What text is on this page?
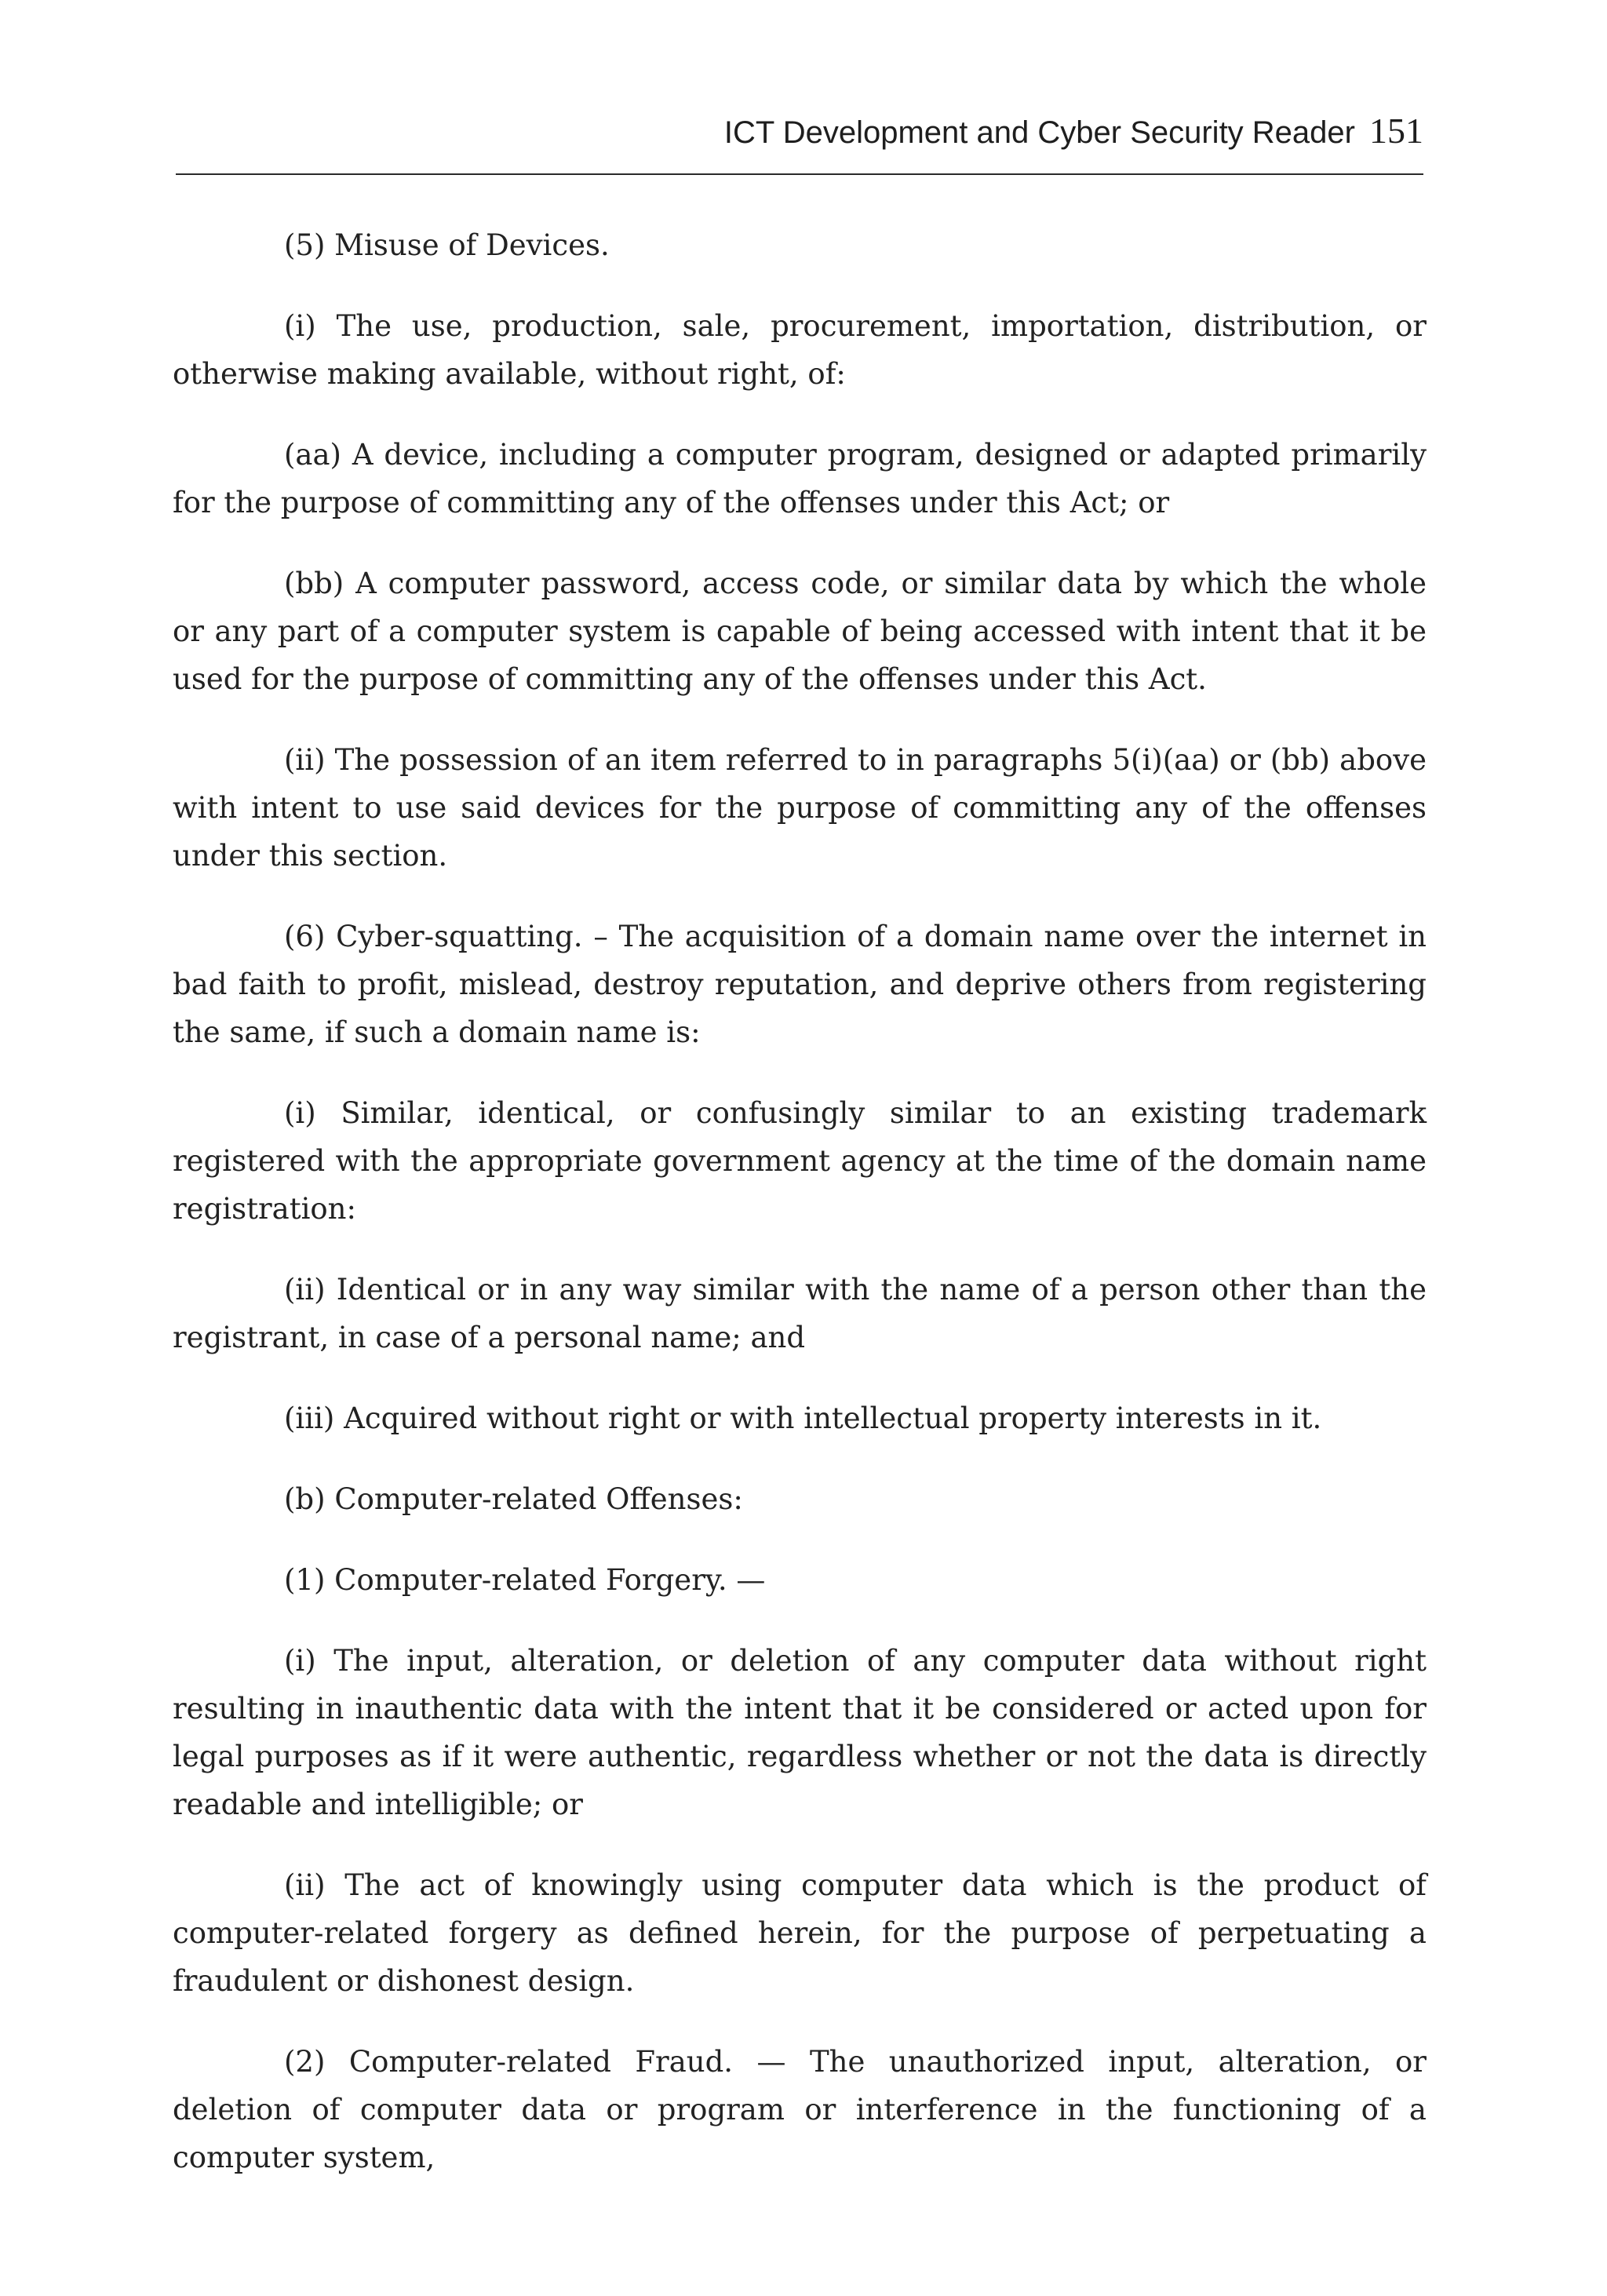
ICT Development and Cyber Security Reader 151

(5) Misuse of Devices.

(i) The use, production, sale, procurement, importation, distribution, or otherwise making available, without right, of:

(aa) A device, including a computer program, designed or adapted primarily for the purpose of committing any of the offenses under this Act; or

(bb) A computer password, access code, or similar data by which the whole or any part of a computer system is capable of being accessed with intent that it be used for the purpose of committing any of the offenses under this Act.

(ii) The possession of an item referred to in paragraphs 5(i)(aa) or (bb) above with intent to use said devices for the purpose of committing any of the offenses under this section.

(6) Cyber-squatting. – The acquisition of a domain name over the internet in bad faith to profit, mislead, destroy reputation, and deprive others from registering the same, if such a domain name is:

(i) Similar, identical, or confusingly similar to an existing trademark registered with the appropriate government agency at the time of the domain name registration:

(ii) Identical or in any way similar with the name of a person other than the registrant, in case of a personal name; and

(iii) Acquired without right or with intellectual property interests in it.

(b) Computer-related Offenses:

(1) Computer-related Forgery. —

(i) The input, alteration, or deletion of any computer data without right resulting in inauthentic data with the intent that it be considered or acted upon for legal purposes as if it were authentic, regardless whether or not the data is directly readable and intelligible; or

(ii) The act of knowingly using computer data which is the product of computer-related forgery as defined herein, for the purpose of perpetuating a fraudulent or dishonest design.

(2) Computer-related Fraud. — The unauthorized input, alteration, or deletion of computer data or program or interference in the functioning of a computer system,
